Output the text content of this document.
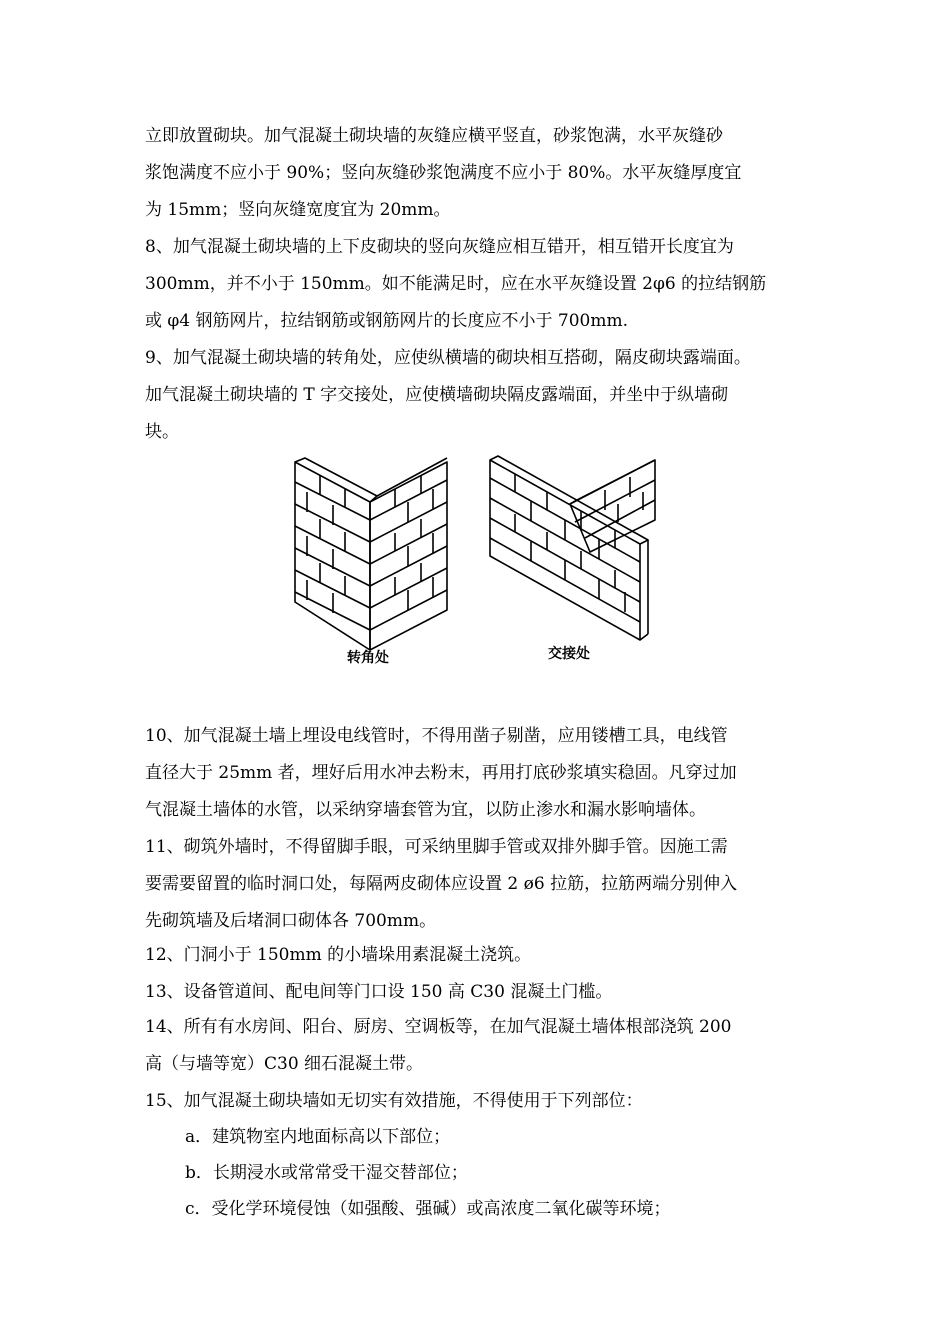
立即放置砌块。加气混凝土砌块墙的灰缝应横平竖直，砂浆饱满，水平灰缝砂
浆饱满度不应小于 90%；竖向灰缝砂浆饱满度不应小于 80%。水平灰缝厚度宜
为 15mm；竖向灰缝宽度宜为 20mm。
8、加气混凝土砌块墙的上下皮砌块的竖向灰缝应相互错开，相互错开长度宜为
300mm，并不小于 150mm。如不能满足时，应在水平灰缝设置 2φ6 的拉结钢筋
或 φ4 钢筋网片，拉结钢筋或钢筋网片的长度应不小于 700mm.
9、加气混凝土砌块墙的转角处，应使纵横墙的砌块相互搭砌，隔皮砌块露端面。
加气混凝土砌块墙的 T 字交接处，应使横墙砌块隔皮露端面，并坐中于纵墙砌
块。
转角处	交接处
10、加气混凝土墙上埋设电线管时，不得用凿子剔凿，应用镂槽工具，电线管
直径大于 25mm 者，埋好后用水冲去粉末，再用打底砂浆填实稳固。凡穿过加
气混凝土墙体的水管，以采纳穿墙套管为宜，以防止渗水和漏水影响墙体。
11、砌筑外墙时，不得留脚手眼，可采纳里脚手管或双排外脚手管。因施工需
要需要留置的临时洞口处，每隔两皮砌体应设置 2 ø6 拉筋，拉筋两端分别伸入
先砌筑墙及后堵洞口砌体各 700mm。
12、门洞小于 150mm 的小墙垛用素混凝土浇筑。
13、设备管道间、配电间等门口设 150 高 C30 混凝土门槛。
14、所有有水房间、阳台、厨房、空调板等，在加气混凝土墙体根部浇筑 200
高（与墙等宽）C30 细石混凝土带。
15、加气混凝土砌块墙如无切实有效措施，不得使用于下列部位：
a．建筑物室内地面标高以下部位；
b．长期浸水或常常受干湿交替部位；
c．受化学环境侵蚀（如强酸、强碱）或高浓度二氧化碳等环境；
